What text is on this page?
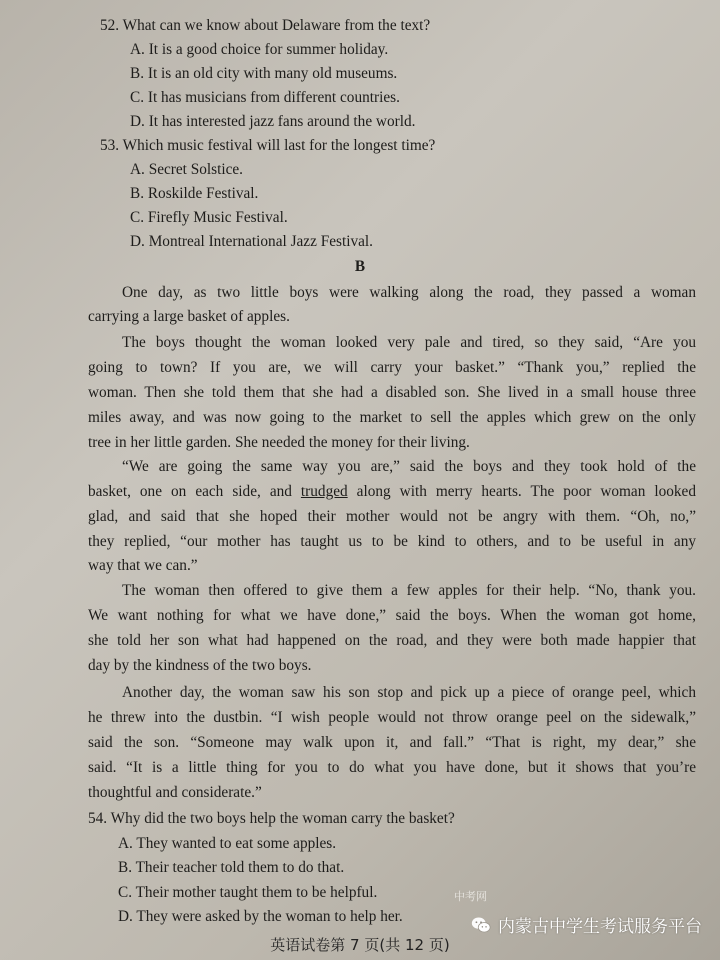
52. What can we know about Delaware from the text?
A. It is a good choice for summer holiday.
B. It is an old city with many old museums.
C. It has musicians from different countries.
D. It has interested jazz fans around the world.
53. Which music festival will last for the longest time?
A. Secret Solstice.
B. Roskilde Festival.
C. Firefly Music Festival.
D. Montreal International Jazz Festival.
B
One day, as two little boys were walking along the road, they passed a woman
carrying a large basket of apples.
The boys thought the woman looked very pale and tired, so they said, “Are you
going to town? If you are, we will carry your basket.” “Thank you,” replied the
woman. Then she told them that she had a disabled son. She lived in a small house three
miles away, and was now going to the market to sell the apples which grew on the only
tree in her little garden. She needed the money for their living.
“We are going the same way you are,” said the boys and they took hold of the
basket, one on each side, and trudged along with merry hearts. The poor woman looked
glad, and said that she hoped their mother would not be angry with them. “Oh, no,”
they replied, “our mother has taught us to be kind to others, and to be useful in any
way that we can.”
The woman then offered to give them a few apples for their help. “No, thank you.
We want nothing for what we have done,” said the boys. When the woman got home,
she told her son what had happened on the road, and they were both made happier that
day by the kindness of the two boys.
Another day, the woman saw his son stop and pick up a piece of orange peel, which
he threw into the dustbin. “I wish people would not throw orange peel on the sidewalk,”
said the son. “Someone may walk upon it, and fall.” “That is right, my dear,” she
said. “It is a little thing for you to do what you have done, but it shows that you’re
thoughtful and considerate.”
54. Why did the two boys help the woman carry the basket?
A. They wanted to eat some apples.
B. Their teacher told them to do that.
C. Their mother taught them to be helpful.
D. They were asked by the woman to help her.
英语试卷第 7 页(共 12 页)
中考网
内蒙古中学生考试服务平台
